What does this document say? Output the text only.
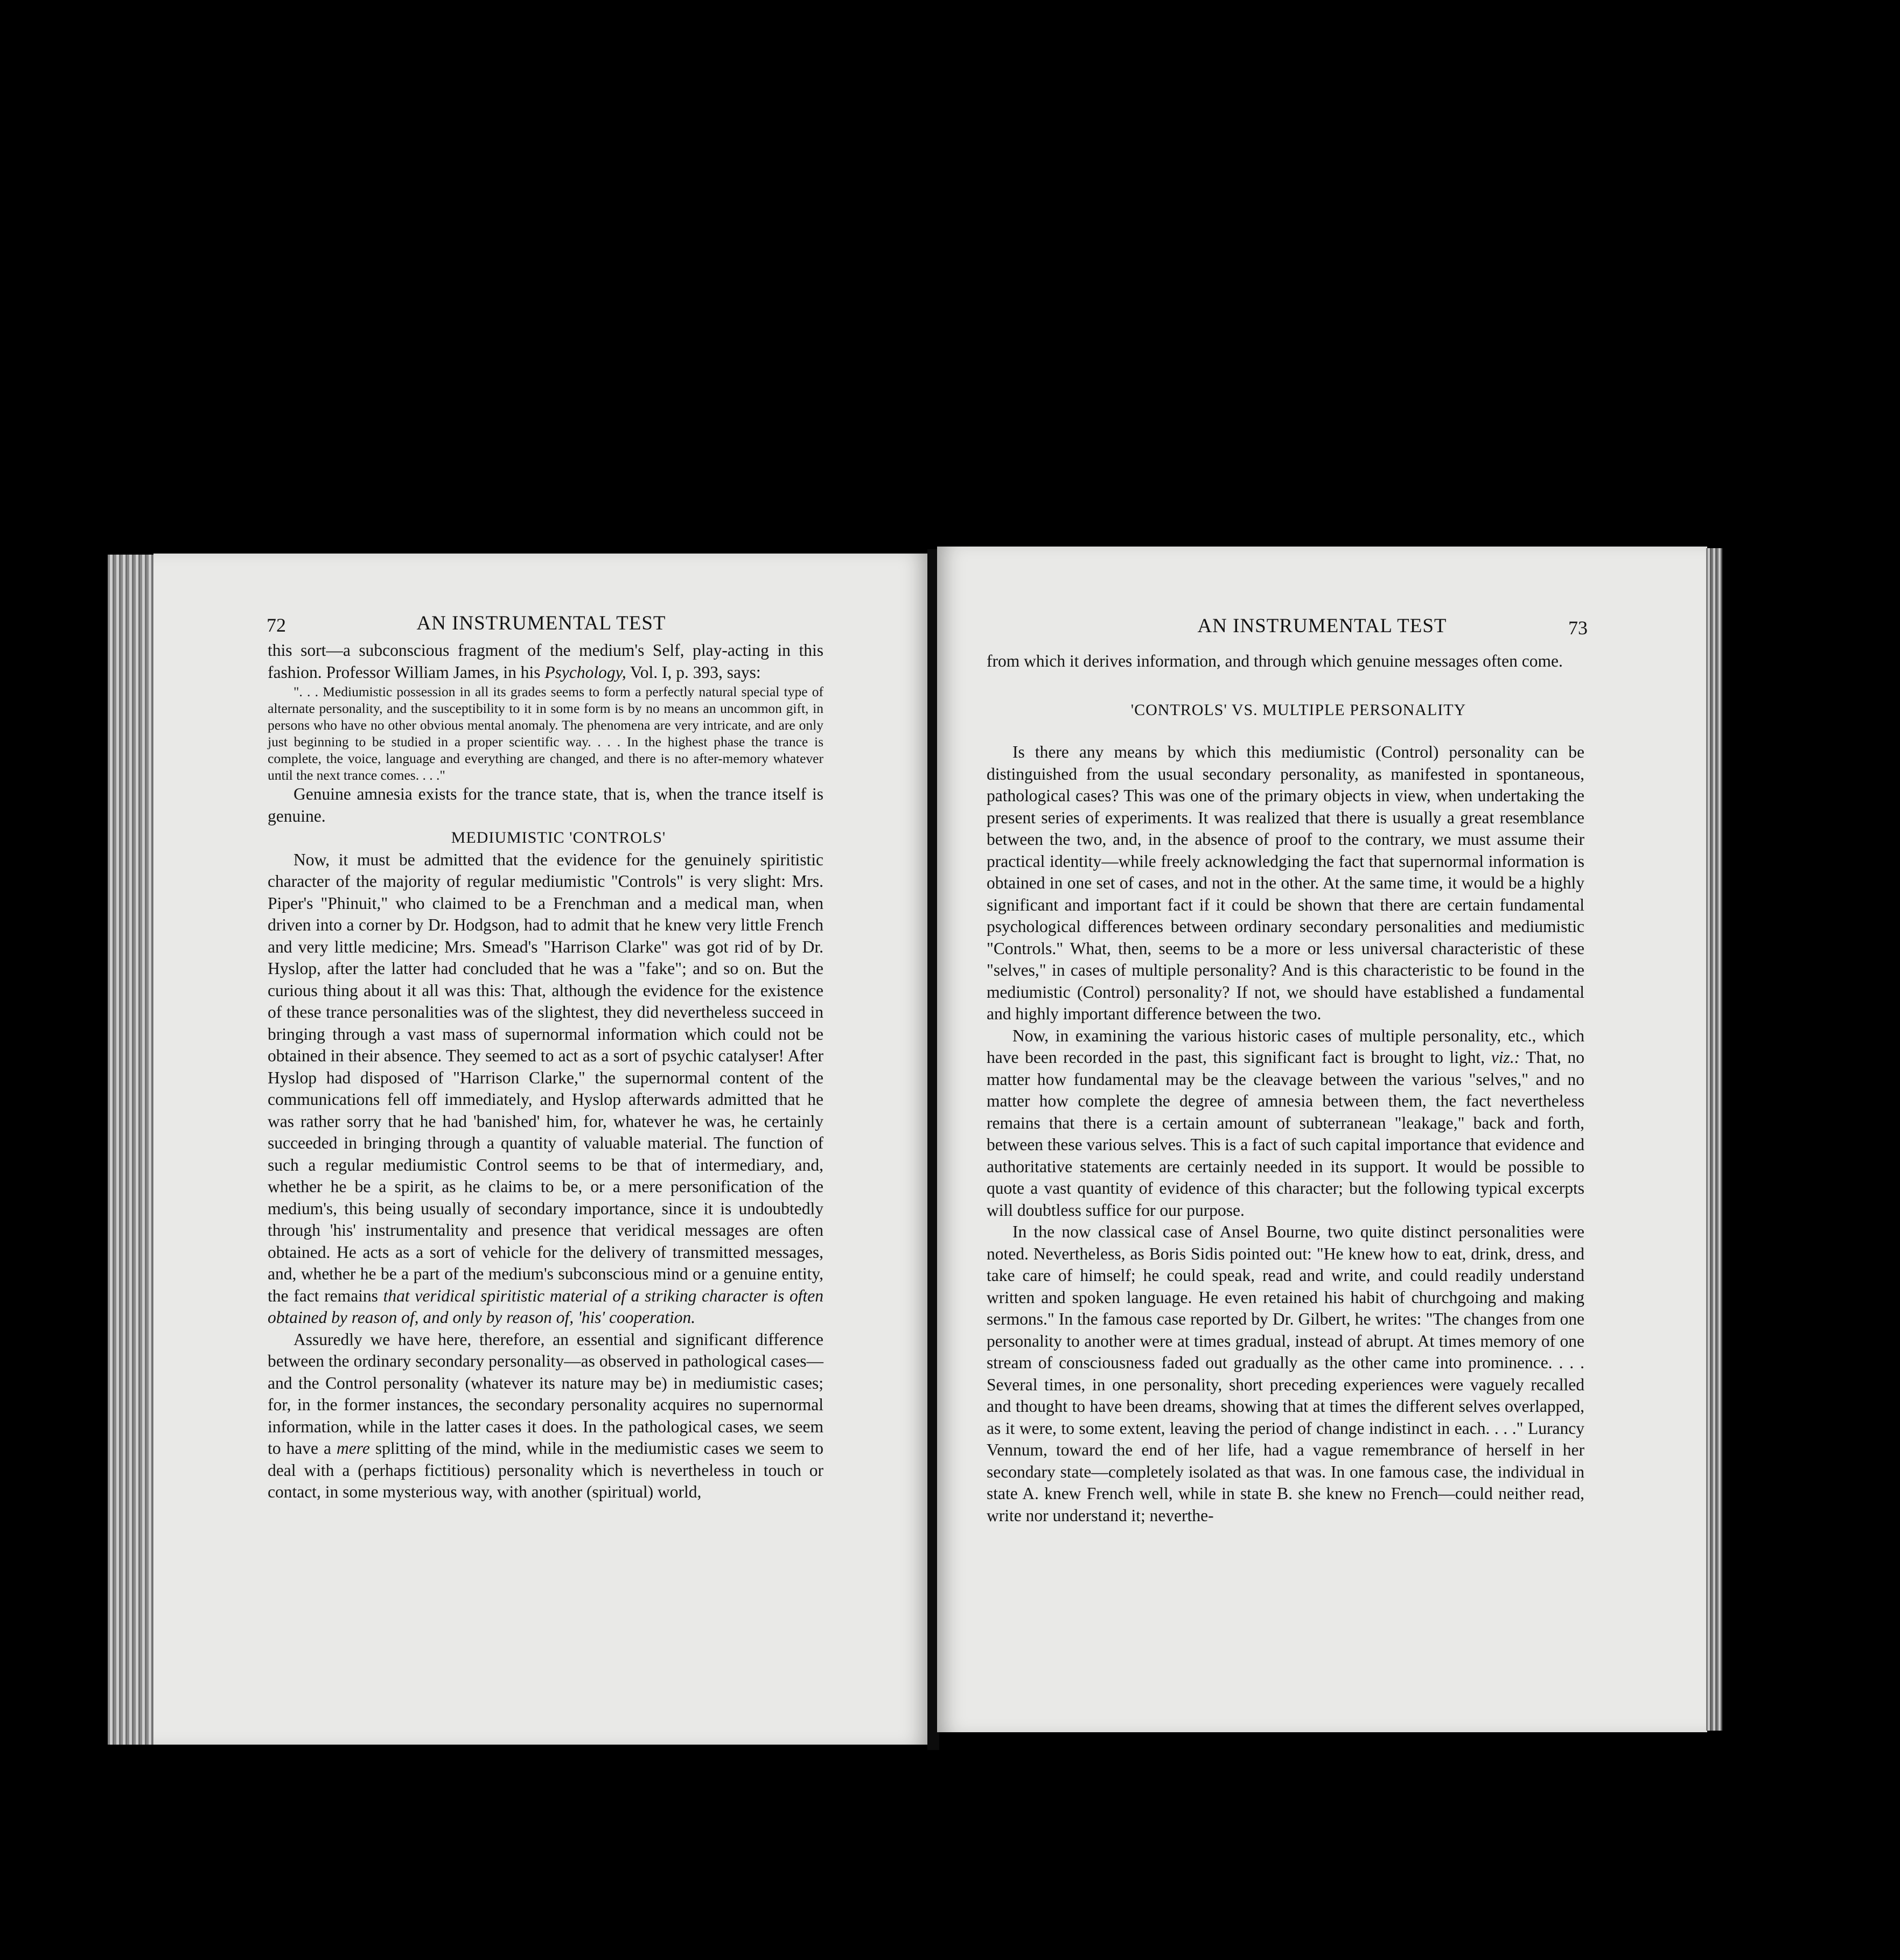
72	AN INSTRUMENTAL TEST

this sort—a subconscious fragment of the medium's Self, play-acting in this fashion. Professor William James, in his Psychology, Vol. I, p. 393, says:

". . . Mediumistic possession in all its grades seems to form a perfectly natural special type of alternate personality, and the susceptibility to it in some form is by no means an uncommon gift, in persons who have no other obvious mental anomaly. The phenomena are very intricate, and are only just beginning to be studied in a proper scientific way. . . . In the highest phase the trance is complete, the voice, language and everything are changed, and there is no after-memory whatever until the next trance comes. . . ."

Genuine amnesia exists for the trance state, that is, when the trance itself is genuine.

MEDIUMISTIC 'CONTROLS'

Now, it must be admitted that the evidence for the genuinely spiritistic character of the majority of regular mediumistic "Controls" is very slight: Mrs. Piper's "Phinuit," who claimed to be a Frenchman and a medical man, when driven into a corner by Dr. Hodgson, had to admit that he knew very little French and very little medicine; Mrs. Smead's "Harrison Clarke" was got rid of by Dr. Hyslop, after the latter had concluded that he was a "fake"; and so on. But the curious thing about it all was this: That, although the evidence for the existence of these trance personalities was of the slightest, they did nevertheless succeed in bringing through a vast mass of supernormal information which could not be obtained in their absence. They seemed to act as a sort of psychic catalyser! After Hyslop had disposed of "Harrison Clarke," the supernormal content of the communications fell off immediately, and Hyslop afterwards admitted that he was rather sorry that he had 'banished' him, for, whatever he was, he certainly succeeded in bringing through a quantity of valuable material. The function of such a regular mediumistic Control seems to be that of intermediary, and, whether he be a spirit, as he claims to be, or a mere personification of the medium's, this being usually of secondary importance, since it is undoubtedly through 'his' instrumentality and presence that veridical messages are often obtained. He acts as a sort of vehicle for the delivery of transmitted messages, and, whether he be a part of the medium's subconscious mind or a genuine entity, the fact remains that veridical spiritistic material of a striking character is often obtained by reason of, and only by reason of, 'his' cooperation.

Assuredly we have here, therefore, an essential and significant difference between the ordinary secondary personality—as observed in pathological cases—and the Control personality (whatever its nature may be) in mediumistic cases; for, in the former instances, the secondary personality acquires no supernormal information, while in the latter cases it does. In the pathological cases, we seem to have a mere splitting of the mind, while in the mediumistic cases we seem to deal with a (perhaps fictitious) personality which is nevertheless in touch or contact, in some mysterious way, with another (spiritual) world,

AN INSTRUMENTAL TEST	73

from which it derives information, and through which genuine messages often come.

'CONTROLS' VS. MULTIPLE PERSONALITY

Is there any means by which this mediumistic (Control) personality can be distinguished from the usual secondary personality, as manifested in spontaneous, pathological cases? This was one of the primary objects in view, when undertaking the present series of experiments. It was realized that there is usually a great resemblance between the two, and, in the absence of proof to the contrary, we must assume their practical identity—while freely acknowledging the fact that supernormal information is obtained in one set of cases, and not in the other. At the same time, it would be a highly significant and important fact if it could be shown that there are certain fundamental psychological differences between ordinary secondary personalities and mediumistic "Controls." What, then, seems to be a more or less universal characteristic of these "selves," in cases of multiple personality? And is this characteristic to be found in the mediumistic (Control) personality? If not, we should have established a fundamental and highly important difference between the two.

Now, in examining the various historic cases of multiple personality, etc., which have been recorded in the past, this significant fact is brought to light, viz.: That, no matter how fundamental may be the cleavage between the various "selves," and no matter how complete the degree of amnesia between them, the fact nevertheless remains that there is a certain amount of subterranean "leakage," back and forth, between these various selves. This is a fact of such capital importance that evidence and authoritative statements are certainly needed in its support. It would be possible to quote a vast quantity of evidence of this character; but the following typical excerpts will doubtless suffice for our purpose.

In the now classical case of Ansel Bourne, two quite distinct personalities were noted. Nevertheless, as Boris Sidis pointed out: "He knew how to eat, drink, dress, and take care of himself; he could speak, read and write, and could readily understand written and spoken language. He even retained his habit of churchgoing and making sermons." In the famous case reported by Dr. Gilbert, he writes: "The changes from one personality to another were at times gradual, instead of abrupt. At times memory of one stream of consciousness faded out gradually as the other came into prominence. . . . Several times, in one personality, short preceding experiences were vaguely recalled and thought to have been dreams, showing that at times the different selves overlapped, as it were, to some extent, leaving the period of change indistinct in each. . . ." Lurancy Vennum, toward the end of her life, had a vague remembrance of herself in her secondary state—completely isolated as that was. In one famous case, the individual in state A. knew French well, while in state B. she knew no French—could neither read, write nor understand it; neverthe-
